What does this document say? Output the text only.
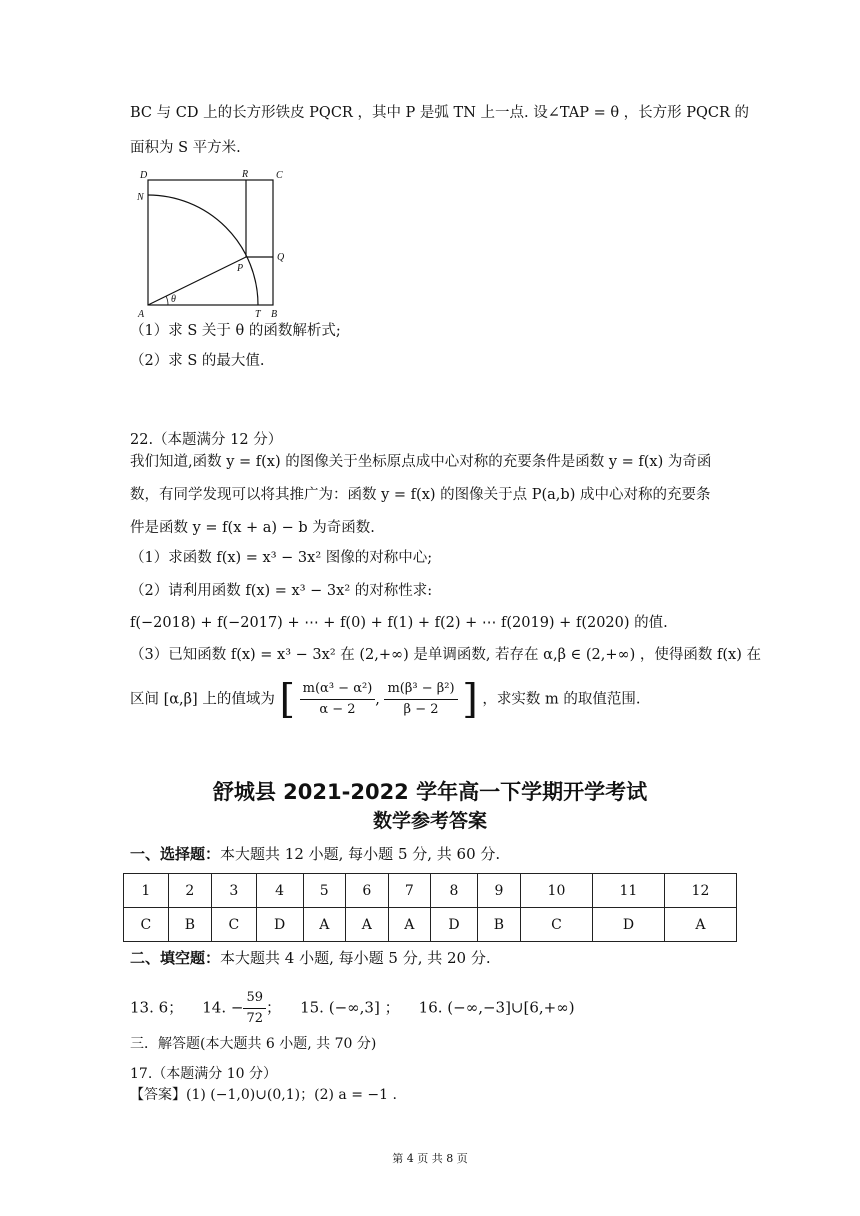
BC 与 CD 上的长方形铁皮 PQCR ，其中 P 是弧 TN 上一点. 设∠TAP = θ ，长方形 PQCR 的
面积为 S 平方米.
D	R	C
N
P
Q
A	T B
θ
（1）求 S 关于 θ 的函数解析式;
（2）求 S 的最大值.
22.（本题满分 12 分）
我们知道,函数 y = f(x) 的图像关于坐标原点成中心对称的充要条件是函数 y = f(x) 为奇函
数，有同学发现可以将其推广为：函数 y = f(x) 的图像关于点 P(a,b) 成中心对称的充要条
件是函数 y = f(x + a) − b 为奇函数.
（1）求函数 f(x) = x³ − 3x² 图像的对称中心;
（2）请利用函数 f(x) = x³ − 3x² 的对称性求:
f(−2018) + f(−2017) + ⋯ + f(0) + f(1) + f(2) + ⋯ f(2019) + f(2020) 的值.
（3）已知函数 f(x) = x³ − 3x² 在 (2,+∞) 是单调函数, 若存在 α,β ∈ (2,+∞) ，使得函数 f(x) 在
区间 [α,β] 上的值域为 [ $\frac{\text{m(α³ − α²)}}{\alpha - 2}$ , $\frac{\text{m(β³ − β²)}}{\beta - 2}$ ] ，求实数 m 的取值范围.
舒城县 2021-2022 学年高一下学期开学考试
数学参考答案
一、选择题：本大题共 12 小题, 每小题 5 分, 共 60 分.
1	2	3	4	5	6	7	8	9	10	11	12
C	B	C	D	A	A	A	D	B	C	D	A
二、填空题：本大题共 4 小题, 每小题 5 分, 共 20 分.
13. 6； 14. − $\frac{59}{72}$ ； 15. (−∞,3] ； 16. (−∞,−3]∪[6,+∞)
三．解答题(本大题共 6 小题, 共 70 分)
17.（本题满分 10 分）
【答案】(1) (−1,0)∪(0,1)；(2) a = −1 .
第 4 页 共 8 页
